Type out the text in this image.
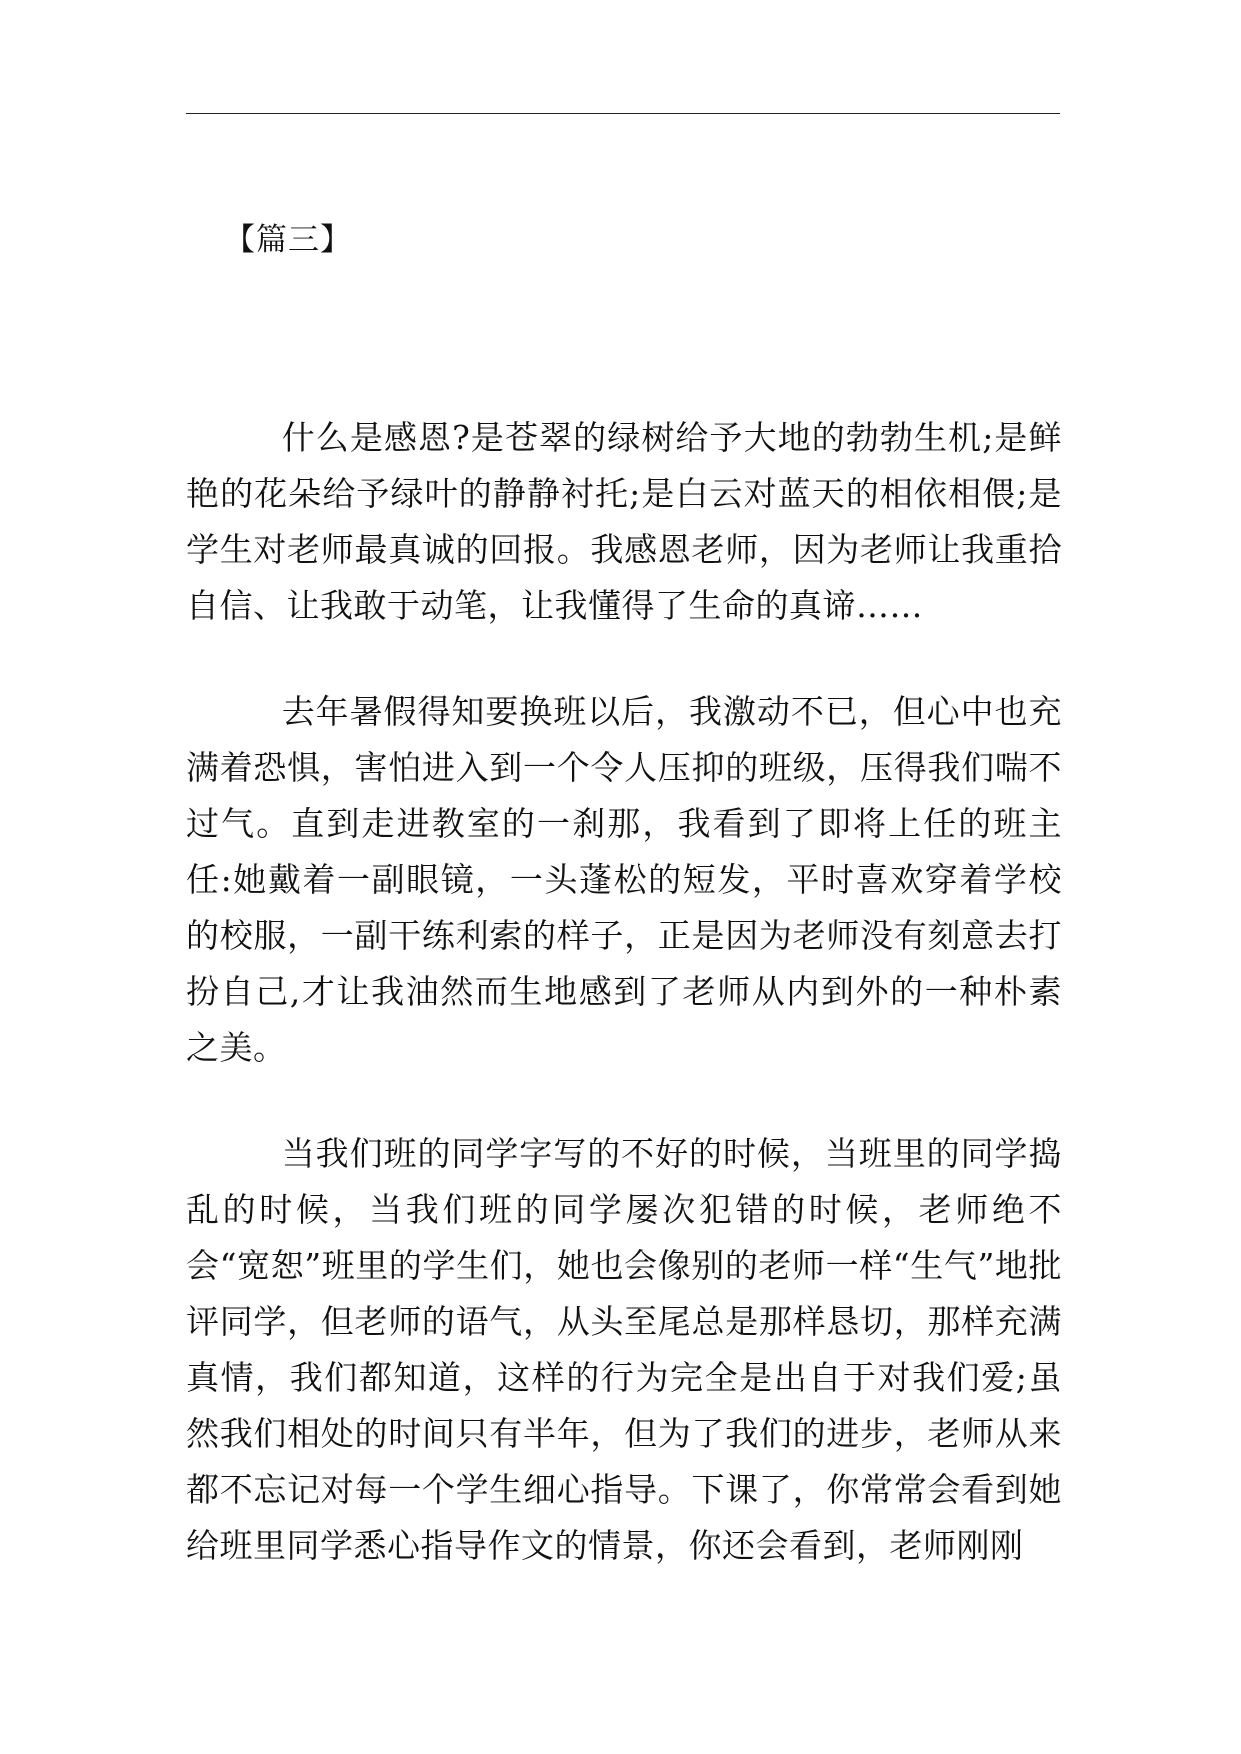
【篇三】

什么是感恩?是苍翠的绿树给予大地的勃勃生机;是鲜艳的花朵给予绿叶的静静衬托;是白云对蓝天的相依相偎;是学生对老师最真诚的回报。我感恩老师，因为老师让我重拾自信、让我敢于动笔，让我懂得了生命的真谛……

去年暑假得知要换班以后，我激动不已，但心中也充满着恐惧，害怕进入到一个令人压抑的班级，压得我们喘不过气。直到走进教室的一刹那，我看到了即将上任的班主任:她戴着一副眼镜，一头蓬松的短发，平时喜欢穿着学校的校服，一副干练利索的样子，正是因为老师没有刻意去打扮自己,才让我油然而生地感到了老师从内到外的一种朴素之美。

当我们班的同学字写的不好的时候，当班里的同学捣乱的时候，当我们班的同学屡次犯错的时候，老师绝不会“宽恕”班里的学生们，她也会像别的老师一样“生气”地批评同学，但老师的语气，从头至尾总是那样恳切，那样充满真情，我们都知道，这样的行为完全是出自于对我们爱;虽然我们相处的时间只有半年，但为了我们的进步，老师从来都不忘记对每一个学生细心指导。下课了，你常常会看到她给班里同学悉心指导作文的情景，你还会看到，老师刚刚
